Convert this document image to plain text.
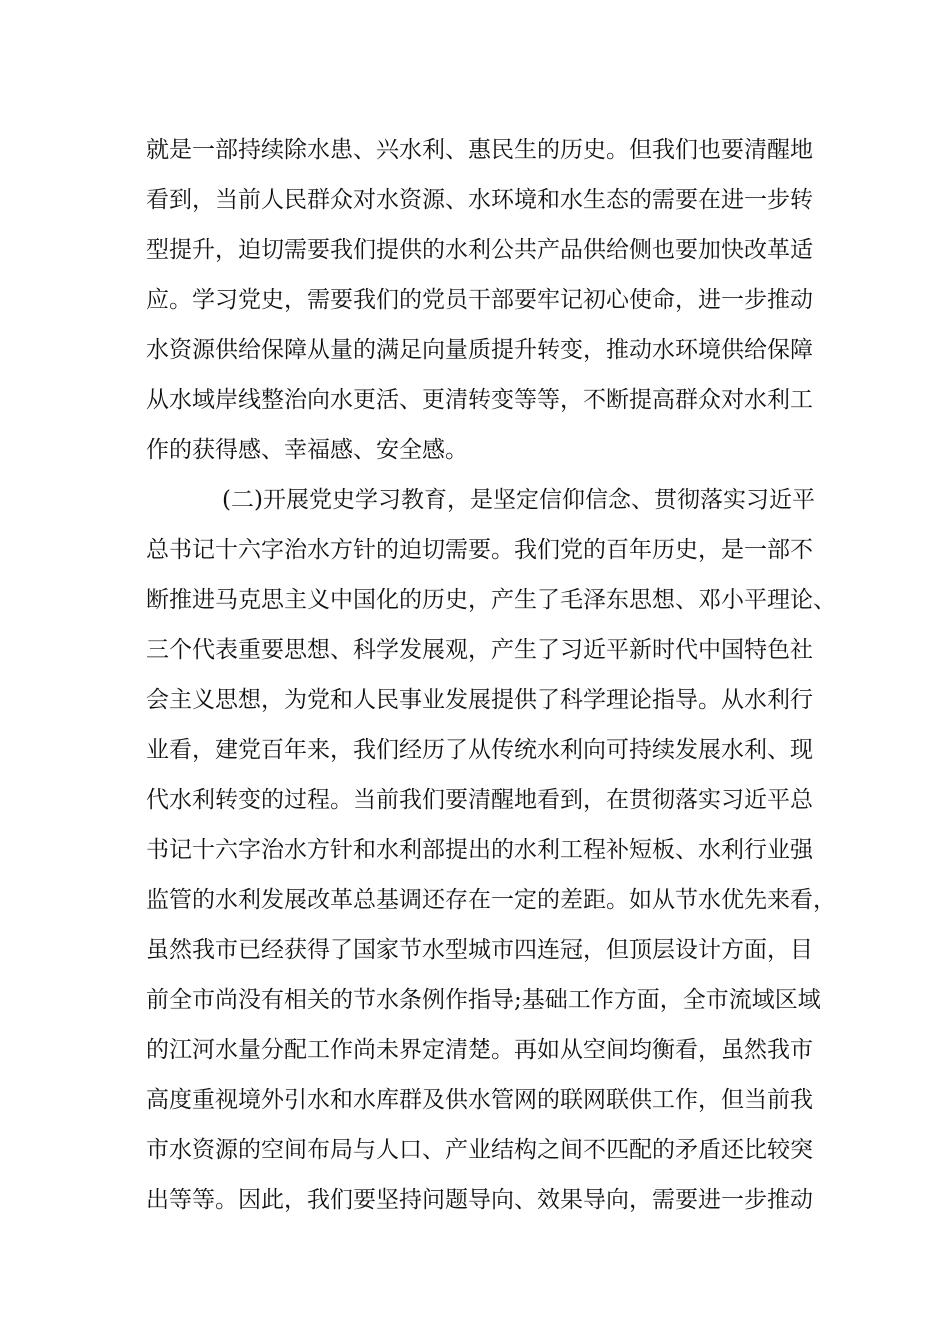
就是一部持续除水患、兴水利、惠民生的历史。但我们也要清醒地
看到，当前人民群众对水资源、水环境和水生态的需要在进一步转
型提升，迫切需要我们提供的水利公共产品供给侧也要加快改革适
应。学习党史，需要我们的党员干部要牢记初心使命，进一步推动
水资源供给保障从量的满足向量质提升转变，推动水环境供给保障
从水域岸线整治向水更活、更清转变等等，不断提高群众对水利工
作的获得感、幸福感、安全感。
(二)开展党史学习教育，是坚定信仰信念、贯彻落实习近平
总书记十六字治水方针的迫切需要。我们党的百年历史，是一部不
断推进马克思主义中国化的历史，产生了毛泽东思想、邓小平理论、
三个代表重要思想、科学发展观，产生了习近平新时代中国特色社
会主义思想，为党和人民事业发展提供了科学理论指导。从水利行
业看，建党百年来，我们经历了从传统水利向可持续发展水利、现
代水利转变的过程。当前我们要清醒地看到，在贯彻落实习近平总
书记十六字治水方针和水利部提出的水利工程补短板、水利行业强
监管的水利发展改革总基调还存在一定的差距。如从节水优先来看，
虽然我市已经获得了国家节水型城市四连冠，但顶层设计方面，目
前全市尚没有相关的节水条例作指导;基础工作方面，全市流域区域
的江河水量分配工作尚未界定清楚。再如从空间均衡看，虽然我市
高度重视境外引水和水库群及供水管网的联网联供工作，但当前我
市水资源的空间布局与人口、产业结构之间不匹配的矛盾还比较突
出等等。因此，我们要坚持问题导向、效果导向，需要进一步推动
